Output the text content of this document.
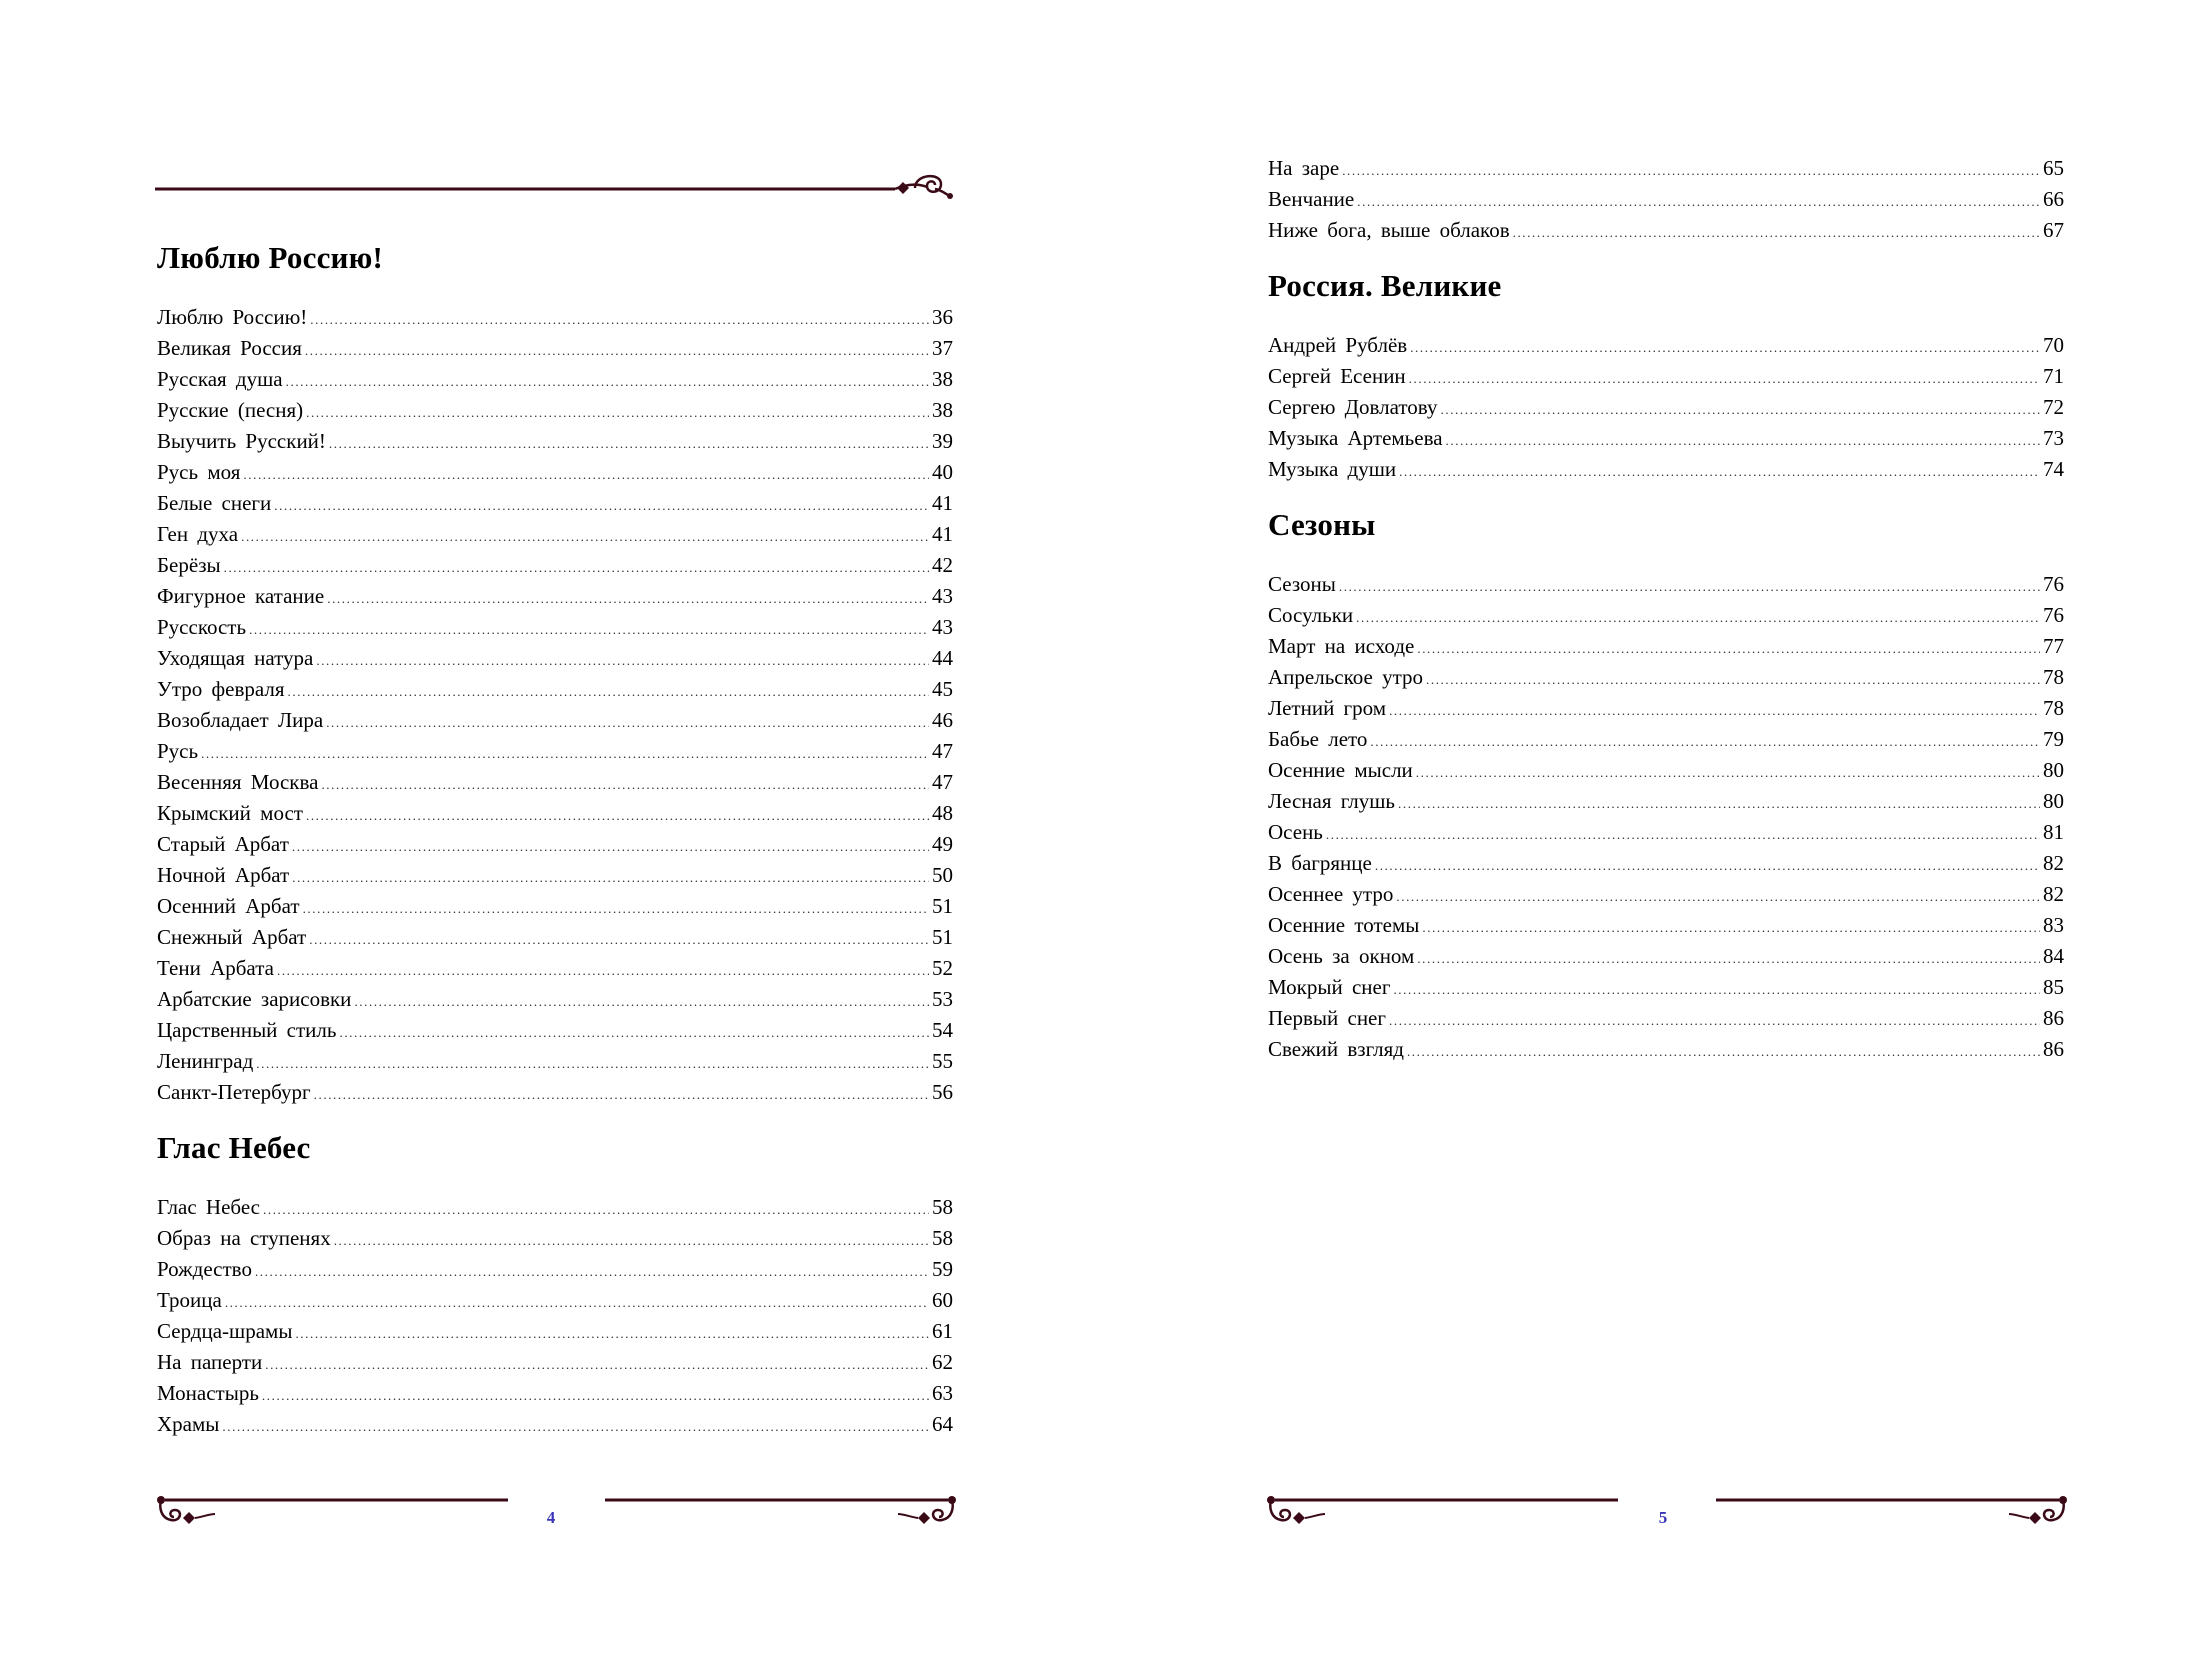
Люблю Россию!
Люблю Россию! .....	36
Великая Россия .....	37
Русская душа .....	38
Русские (песня) .....	38
Выучить Русский! .....	39
Русь моя .....	40
Белые снеги .....	41
Ген духа .....	41
Берёзы .....	42
Фигурное катание .....	43
Русскость .....	43
Уходящая натура .....	44
Утро февраля .....	45
Возобладает Лира .....	46
Русь .....	47
Весенняя Москва .....	47
Крымский мост .....	48
Старый Арбат .....	49
Ночной Арбат .....	50
Осенний Арбат .....	51
Снежный Арбат .....	51
Тени Арбата .....	52
Арбатские зарисовки .....	53
Царственный стиль .....	54
Ленинград .....	55
Санкт-Петербург .....	56
Глас Небес
Глас Небес .....	58
Образ на ступенях .....	58
Рождество .....	59
Троица .....	60
Сердца-шрамы .....	61
На паперти .....	62
Монастырь .....	63
Храмы .....	64
4
На заре .....	65
Венчание .....	66
Ниже бога, выше облаков .....	67
Россия. Великие
Андрей Рублёв .....	70
Сергей Есенин .....	71
Сергею Довлатову .....	72
Музыка Артемьева .....	73
Музыка души .....	74
Сезоны
Сезоны .....	76
Сосульки .....	76
Март на исходе .....	77
Апрельское утро .....	78
Летний гром .....	78
Бабье лето .....	79
Осенние мысли .....	80
Лесная глушь .....	80
Осень .....	81
В багрянце .....	82
Осеннее утро .....	82
Осенние тотемы .....	83
Осень за окном .....	84
Мокрый снег .....	85
Первый снег .....	86
Свежий взгляд .....	86
5
